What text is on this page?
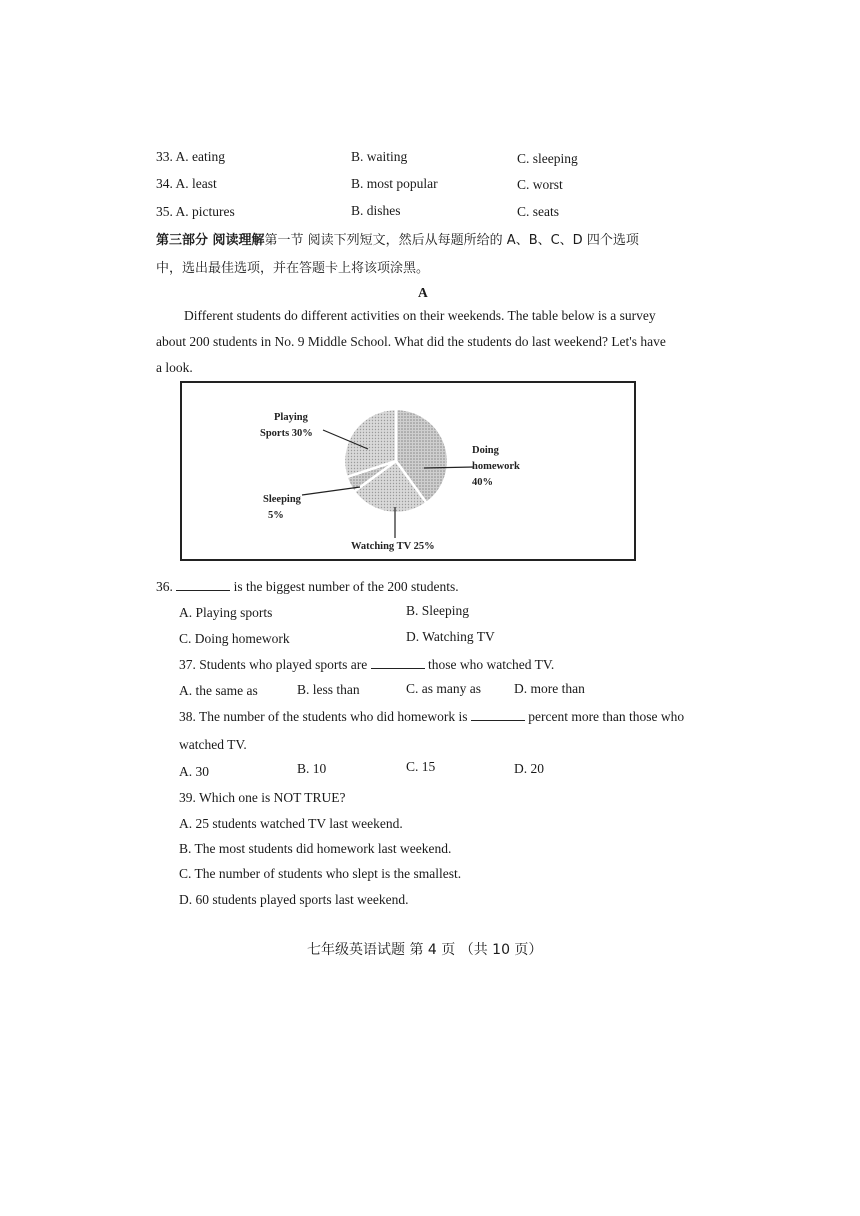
33. A. eating	B. waiting	C. sleeping
34. A. least	B. most popular	C. worst
35. A. pictures	B. dishes	C. seats
第三部分 阅读理解第一节 阅读下列短文，然后从每题所给的 A、B、C、D 四个选项
中，选出最佳选项，并在答题卡上将该项涂黑。
A
Different students do different activities on their weekends. The table below is a survey
about 200 students in No. 9 Middle School. What did the students do last weekend? Let's have
a look.
Playing
Sports 30%
Sleeping
5%
Watching TV 25%
Doing
homework
40%
36.	is the biggest number of the 200 students.
A. Playing sports	B. Sleeping
C. Doing homework	D. Watching TV
37. Students who played sports are	those who watched TV.
A. the same as	B. less than	C. as many as D. more than
38. The number of the students who did homework is	percent more than those who
watched TV.
A. 30	B. 10	C. 15	D. 20
39. Which one is NOT TRUE?
A. 25 students watched TV last weekend.
B. The most students did homework last weekend.
C. The number of students who slept is the smallest.
D. 60 students played sports last weekend.
七年级英语试题 第 4 页 （共 10 页）
